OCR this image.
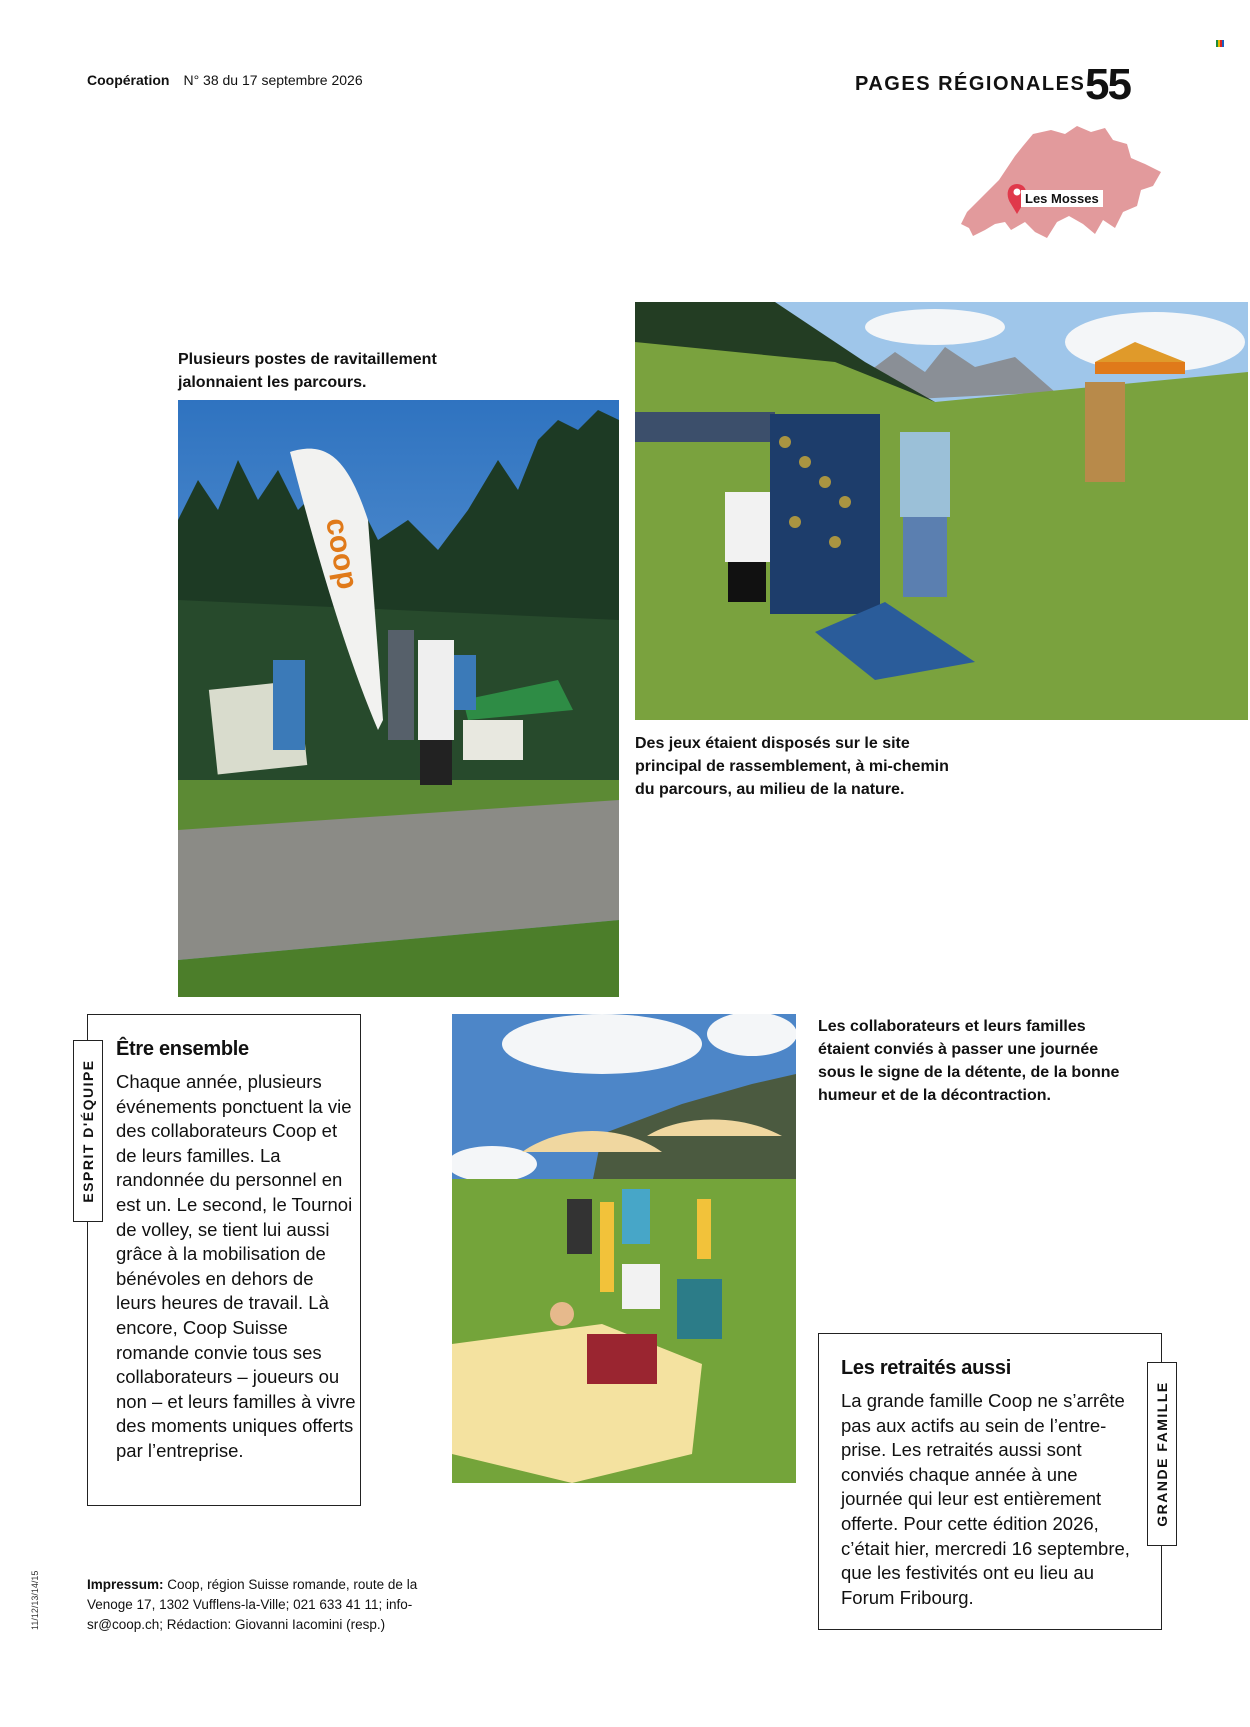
Coopération N° 38 du 17 septembre 2026	PAGES RÉGIONALES 55
Les Mosses
Plusieurs postes de ravitaillement jalonnaient les parcours.
coop
Des jeux étaient disposés sur le site principal de rassemblement, à mi-chemin du parcours, au milieu de la nature.
Être ensemble
Chaque année, plusieurs événements ponctuent la vie des collaborateurs Coop et de leurs familles. La randonnée du personnel en est un. Le second, le Tournoi de volley, se tient lui aussi grâce à la mobilisation de bénévoles en dehors de leurs heures de travail. Là encore, Coop Suisse romande convie tous ses collaborateurs – joueurs ou non – et leurs familles à vivre des moments uniques offerts par l’entreprise.
ESPRIT D'ÉQUIPE
Les collaborateurs et leurs familles étaient conviés à passer une journée sous le signe de la détente, de la bonne humeur et de la décontraction.
Les retraités aussi
La grande famille Coop ne s’arrête pas aux actifs au sein de l’entreprise. Les retraités aussi sont conviés chaque année à une journée qui leur est entièrement offerte. Pour cette édition 2026, c’était hier, mercredi 16 septembre, que les festivités ont eu lieu au Forum Fribourg.
GRANDE FAMILLE
Impressum: Coop, région Suisse romande, route de la Venoge 17, 1302 Vufflens-la-Ville; 021 633 41 11; info-sr@coop.ch; Rédaction: Giovanni Iacomini (resp.)
11/12/13/14/15
